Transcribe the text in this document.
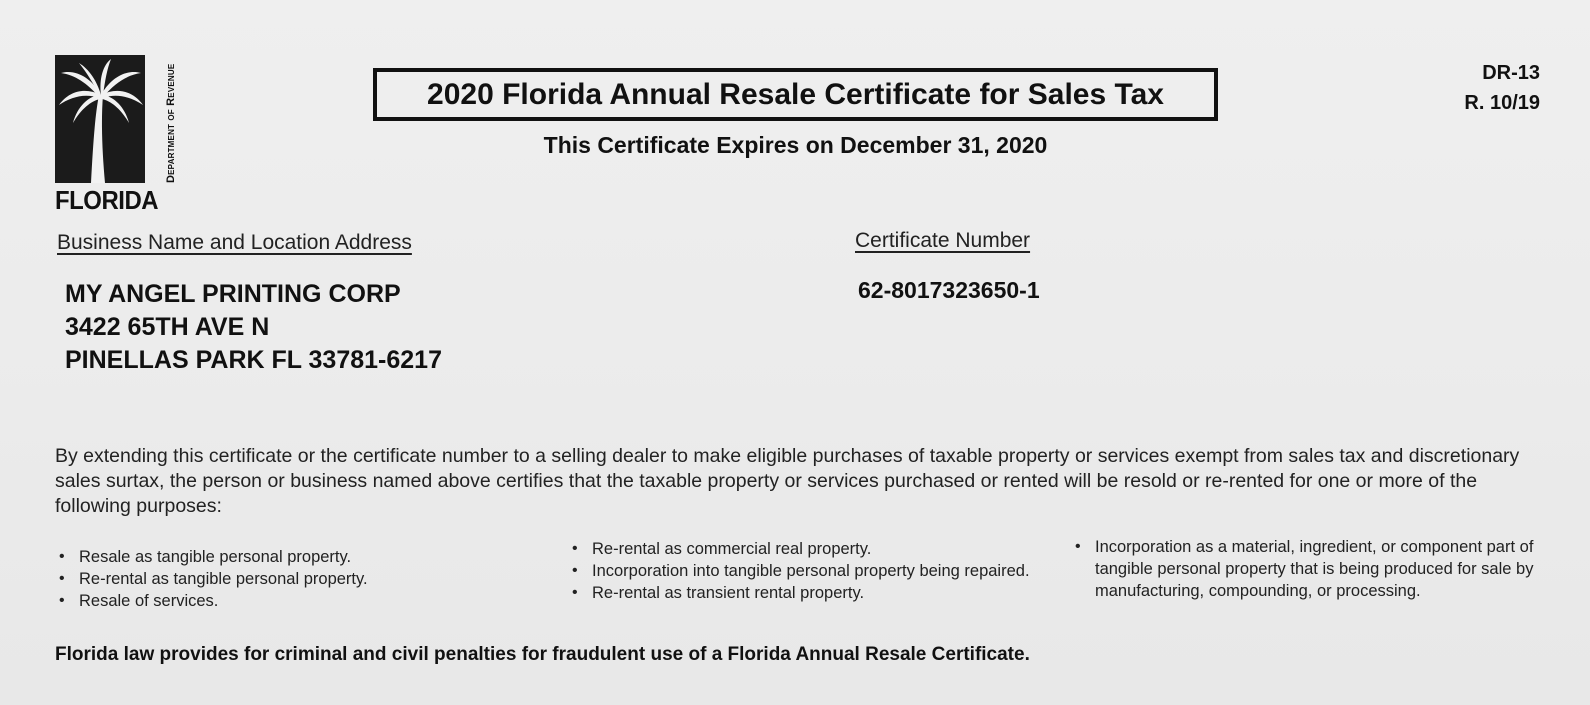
Department of Revenue
FLORIDA
2020 Florida Annual Resale Certificate for Sales Tax
This Certificate Expires on December 31, 2020
DR-13
R. 10/19
Business Name and Location Address	Certificate Number
MY ANGEL PRINTING CORP
3422 65TH AVE N
PINELLAS PARK FL 33781-6217
62-8017323650-1
By extending this certificate or the certificate number to a selling dealer to make eligible purchases of taxable property or services exempt from sales tax and discretionary sales surtax, the person or business named above certifies that the taxable property or services purchased or rented will be resold or re-rented for one or more of the following purposes:
• Resale as tangible personal property.
• Re-rental as tangible personal property.
• Resale of services.
• Re-rental as commercial real property.
• Incorporation into tangible personal property being repaired.
• Re-rental as transient rental property.
• Incorporation as a material, ingredient, or component part of tangible personal property that is being produced for sale by manufacturing, compounding, or processing.
Florida law provides for criminal and civil penalties for fraudulent use of a Florida Annual Resale Certificate.
